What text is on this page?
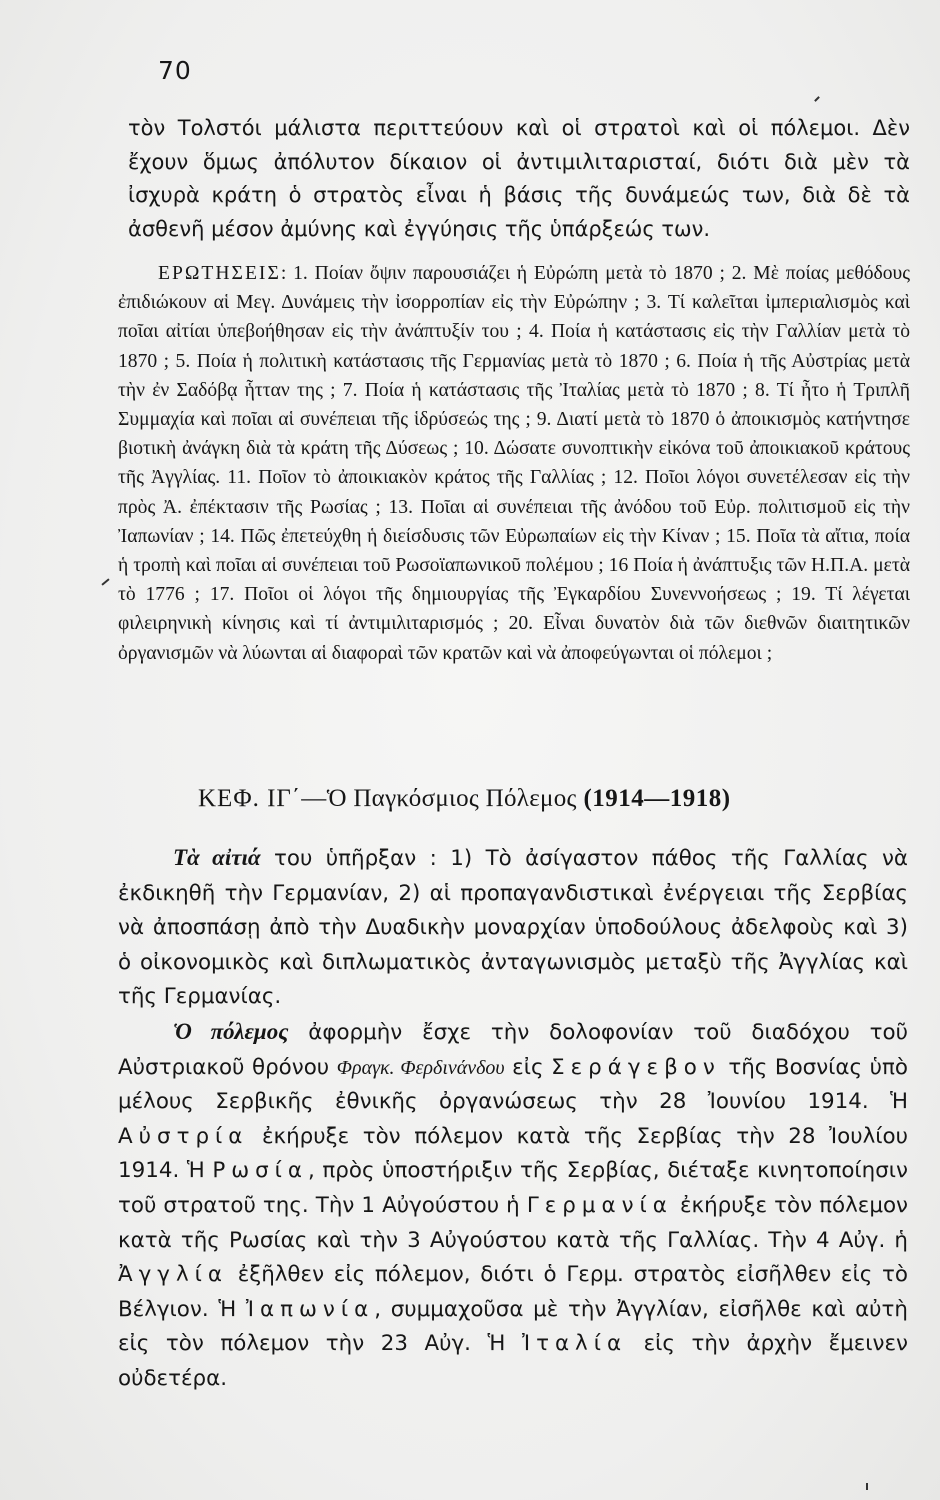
70
τὸν Τολστόι μάλιστα περιττεύουν καὶ οἱ στρατοὶ καὶ οἱ πόλεμοι. Δὲν ἔχουν ὅμως ἀπόλυτον δίκαιον οἱ ἀντιμιλιταρισταί, διότι διὰ μὲν τὰ ἰσχυρὰ κράτη ὁ στρατὸς εἶναι ἡ βάσις τῆς δυνάμεώς των, διὰ δὲ τὰ ἀσθενῆ μέσον ἀμύνης καὶ ἐγγύησις τῆς ὑπάρξεώς των.
ΕΡΩΤΗΣΕΙΣ: 1. Ποίαν ὄψιν παρουσιάζει ἡ Εὐρώπη μετὰ τὸ 1870 ; 2. Μὲ ποίας μεθόδους ἐπιδιώκουν αἱ Μεγ. Δυνάμεις τὴν ἰσορροπίαν εἰς τὴν Εὐρώπην ; 3. Τί καλεῖται ἰμπεριαλισμὸς καὶ ποῖαι αἰτίαι ὑπεβοήθησαν εἰς τὴν ἀνάπτυξίν του ; 4. Ποία ἡ κατάστασις εἰς τὴν Γαλλίαν μετὰ τὸ 1870 ; 5. Ποία ἡ πολιτικὴ κατάστασις τῆς Γερμανίας μετὰ τὸ 1870 ; 6. Ποία ἡ τῆς Αὐστρίας μετὰ τὴν ἐν Σαδόβᾳ ἧτταν της ; 7. Ποία ἡ κατάστασις τῆς Ἰταλίας μετὰ τὸ 1870 ; 8. Τί ἦτο ἡ Τριπλῆ Συμμαχία καὶ ποῖαι αἱ συνέπειαι τῆς ἱδρύσεώς της ; 9. Διατί μετὰ τὸ 1870 ὁ ἀποικισμὸς κατήντησε βιοτικὴ ἀνάγκη διὰ τὰ κράτη τῆς Δύσεως ; 10. Δώσατε συνοπτικὴν εἰκόνα τοῦ ἀποικιακοῦ κράτους τῆς Ἀγγλίας. 11. Ποῖον τὸ ἀποικιακὸν κράτος τῆς Γαλλίας ; 12. Ποῖοι λόγοι συνετέλεσαν εἰς τὴν πρὸς Ἀ. ἐπέκτασιν τῆς Ρωσίας ; 13. Ποῖαι αἱ συνέπειαι τῆς ἀνόδου τοῦ Εὐρ. πολιτισμοῦ εἰς τὴν Ἰαπωνίαν ; 14. Πῶς ἐπετεύχθη ἡ διείσδυσις τῶν Εὐρωπαίων εἰς τὴν Κίναν ; 15. Ποῖα τὰ αἴτια, ποία ἡ τροπὴ καὶ ποῖαι αἱ συνέπειαι τοῦ Ρωσοϊαπωνικοῦ πολέμου ; 16 Ποία ἡ ἀνάπτυξις τῶν Η.Π.Α. μετὰ τὸ 1776 ; 17. Ποῖοι οἱ λόγοι τῆς δημιουργίας τῆς Ἐγκαρδίου Συνεννοήσεως ; 19. Τί λέγεται φιλειρηνικὴ κίνησις καὶ τί ἀντιμιλιταρισμός ; 20. Εἶναι δυνατὸν διὰ τῶν διεθνῶν διαιτητικῶν ὀργανισμῶν νὰ λύωνται αἱ διαφοραὶ τῶν κρατῶν καὶ νὰ ἀποφεύγωνται οἱ πόλεμοι ;
ΚΕΦ. ΙΓ΄—Ὁ Παγκόσμιος Πόλεμος (1914—1918)

Τὰ αἰτιά του ὑπῆρξαν : 1) Τὸ ἀσίγαστον πάθος τῆς Γαλλίας νὰ ἐκδικηθῆ τὴν Γερμανίαν, 2) αἱ προπαγανδιστικαὶ ἐνέργειαι τῆς Σερβίας νὰ ἀποσπάσῃ ἀπὸ τὴν Δυαδικὴν μοναρχίαν ὑποδούλους ἀδελφοὺς καὶ 3) ὁ οἰκονομικὸς καὶ διπλωματικὸς ἀνταγωνισμὸς μεταξὺ τῆς Ἀγγλίας καὶ τῆς Γερμανίας.

Ὁ πόλεμος ἀφορμὴν ἔσχε τὴν δολοφονίαν τοῦ διαδόχου τοῦ Αὐστριακοῦ θρόνου Φραγκ. Φερδινάνδου εἰς Σεράγεβον τῆς Βοσνίας ὑπὸ μέλους Σερβικῆς ἐθνικῆς ὀργανώσεως τὴν 28 Ἰουνίου 1914. Ἡ Αὐστρία ἐκήρυξε τὸν πόλεμον κατὰ τῆς Σερβίας τὴν 28 Ἰουλίου 1914. Ἡ Ρωσία, πρὸς ὑποστήριξιν τῆς Σερβίας, διέταξε κινητοποίησιν τοῦ στρατοῦ της. Τὴν 1 Αὐγούστου ἡ Γερμανία ἐκήρυξε τὸν πόλεμον κατὰ τῆς Ρωσίας καὶ τὴν 3 Αὐγούστου κατὰ τῆς Γαλλίας. Τὴν 4 Αὐγ. ἡ Ἀγγλία ἐξῆλθεν εἰς πόλεμον, διότι ὁ Γερμ. στρατὸς εἰσῆλθεν εἰς τὸ Βέλγιον. Ἡ Ἰαπωνία, συμμαχοῦσα μὲ τὴν Ἀγγλίαν, εἰσῆλθε καὶ αὐτὴ εἰς τὸν πόλεμον τὴν 23 Αὐγ. Ἡ Ἰταλία εἰς τὴν ἀρχὴν ἔμεινεν οὐδετέρα.
